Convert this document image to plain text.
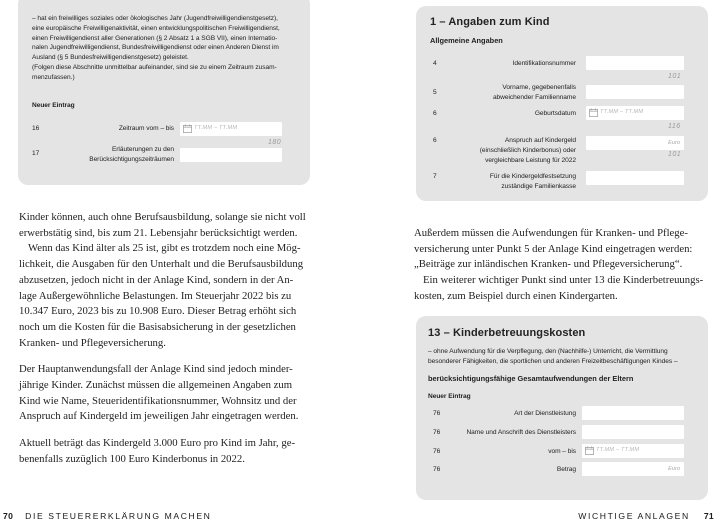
– hat ein freiwilliges soziales oder ökologisches Jahr (Jugendfreiwilligendienstgesetz),
eine europäische Freiwilligenaktivität, einen entwicklungspolitischen Freiwilligendienst,
einen Freiwilligendienst aller Generationen (§ 2 Absatz 1 a SGB VII), einen Internatio-
nalen Jugendfreiwilligendienst, Bundesfreiwilligendienst oder einen Anderen Dienst im
Ausland (§ 5 Bundesfreiwilligendienstgesetz) geleistet.
(Folgen diese Abschnitte unmittelbar aufeinander, sind sie zu einem Zeitraum zusam-
menzufassen.)
Neuer Eintrag
16	Zeitraum vom – bis	TT.MM – TT.MM
180
17
Erläuterungen zu den
Berücksichtigungszeiträumen
1 – Angaben zum Kind
Allgemeine Angaben
4	Identifikationsnummer
101
5
Vorname, gegebenenfalls
abweichender Familienname
6	Geburtsdatum	TT.MM – TT.MM
116
6	Anspruch auf Kindergeld
(einschließlich Kinderbonus) oder
vergleichbare Leistung für 2022
Euro
101
7	Für die Kindergeldfestsetzung
zuständige Familienkasse
13 – Kinderbetreuungskosten
– ohne Aufwendung für die Verpflegung, den (Nachhilfe-) Unterricht, die Vermittlung
besonderer Fähigkeiten, die sportlichen und anderen Freizeitbeschäftigungen Kindes –
berücksichtigungsfähige Gesamtaufwendungen der Eltern
Neuer Eintrag
76	Art der Dienstleistung
76	Name und Anschrift des Dienstleisters
76	vom – bis	TT.MM – TT.MM
76	Betrag	Euro

Kinder können, auch ohne Berufsausbildung, solange sie nicht voll
erwerbstätig sind, bis zum 21. Lebensjahr berücksichtigt werden.

Wenn das Kind älter als 25 ist, gibt es trotzdem noch eine Mög-
lichkeit, die Ausgaben für den Unterhalt und die Berufsausbildung
abzusetzen, jedoch nicht in der Anlage Kind, sondern in der An-
lage Außergewöhnliche Belastungen. Im Steuerjahr 2022 bis zu
10.347 Euro, 2023 bis zu 10.908 Euro. Dieser Betrag erhöht sich
noch um die Kosten für die Basisabsicherung in der gesetzlichen
Kranken- und Pflegeversicherung.

Der Hauptanwendungsfall der Anlage Kind sind jedoch minder-
jährige Kinder. Zunächst müssen die allgemeinen Angaben zum
Kind wie Name, Steueridentifikationsnummer, Wohnsitz und der
Anspruch auf Kindergeld im jeweiligen Jahr eingetragen werden.

Aktuell beträgt das Kindergeld 3.000 Euro pro Kind im Jahr, ge-
benenfalls zuzüglich 100 Euro Kinderbonus in 2022.

Außerdem müssen die Aufwendungen für Kranken- und Pflege-
versicherung unter Punkt 5 der Anlage Kind eingetragen werden:
„Beiträge zur inländischen Kranken- und Pflegeversicherung“.

Ein weiterer wichtiger Punkt sind unter 13 die Kinderbetreuungs-
kosten, zum Beispiel durch einen Kindergarten.

70 DIE STEUERERKLÄRUNG MACHEN	WICHTIGE ANLAGEN 71
